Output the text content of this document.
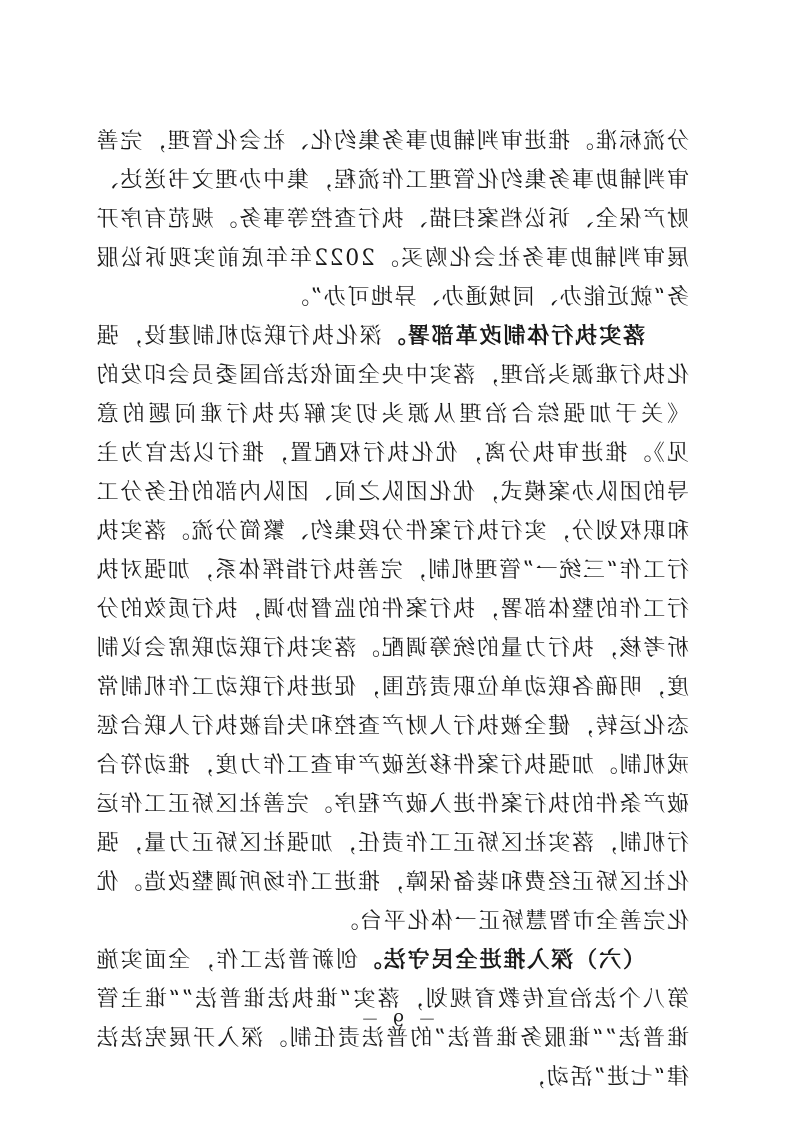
分流标准。推进审判辅助事务集约化、社会化管理，完善审判辅助事务集约化管理工作流程，集中办理文书送达、财产保全、诉讼档案扫描、执行查控等事务。规范有序开展审判辅助事务社会化购买。2022年年底前实现诉讼服务“就近能办、同城通办、异地可办”。

落实执行体制改革部署。深化执行联动机制建设，强化执行难源头治理，落实中央全面依法治国委员会印发的《关于加强综合治理从源头切实解决执行难问题的意见》。推进审执分离，优化执行权配置，推行以法官为主导的团队办案模式，优化团队之间、团队内部的任务分工和职权划分，实行执行案件分段集约、繁简分流。落实执行工作“三统一”管理机制，完善执行指挥体系，加强对执行工作的整体部署，执行案件的监督协调，执行质效的分析考核，执行力量的统筹调配。落实执行联动联席会议制度，明确各联动单位职责范围，促进执行联动工作机制常态化运转，健全被执行人财产查控和失信被执行人联合惩戒机制。加强执行案件移送破产审查工作力度，推动符合破产条件的执行案件进入破产程序。完善社区矫正工作运行机制，落实社区矫正工作责任，加强社区矫正力量，强化社区矫正经费和装备保障，推进工作场所调整改造。优化完善全市智慧矫正一体化平台。

（六）深入推进全民守法。创新普法工作，全面实施第八个法治宣传教育规划，落实“谁执法谁普法”“谁主管谁普法”“谁服务谁普法”的普法责任制。深入开展宪法法律“七进”活动，

－ 9 －
